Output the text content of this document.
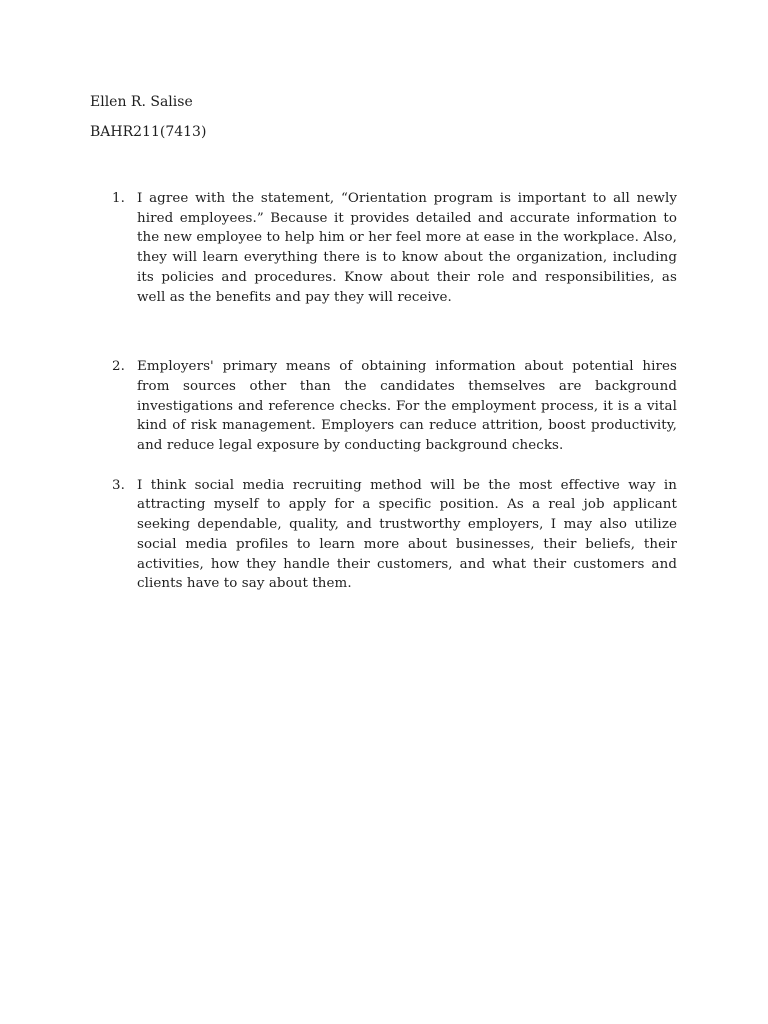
Ellen R. Salise
BAHR211(7413)
1. I agree with the statement, “Orientation program is important to all newly hired employees.” Because it provides detailed and accurate information to the new employee to help him or her feel more at ease in the workplace. Also, they will learn everything there is to know about the organization, including its policies and procedures. Know about their role and responsibilities, as well as the benefits and pay they will receive.
2. Employers' primary means of obtaining information about potential hires from sources other than the candidates themselves are background investigations and reference checks. For the employment process, it is a vital kind of risk management. Employers can reduce attrition, boost productivity, and reduce legal exposure by conducting background checks.
3. I think social media recruiting method will be the most effective way in attracting myself to apply for a specific position. As a real job applicant seeking dependable, quality, and trustworthy employers, I may also utilize social media profiles to learn more about businesses, their beliefs, their activities, how they handle their customers, and what their customers and clients have to say about them.
